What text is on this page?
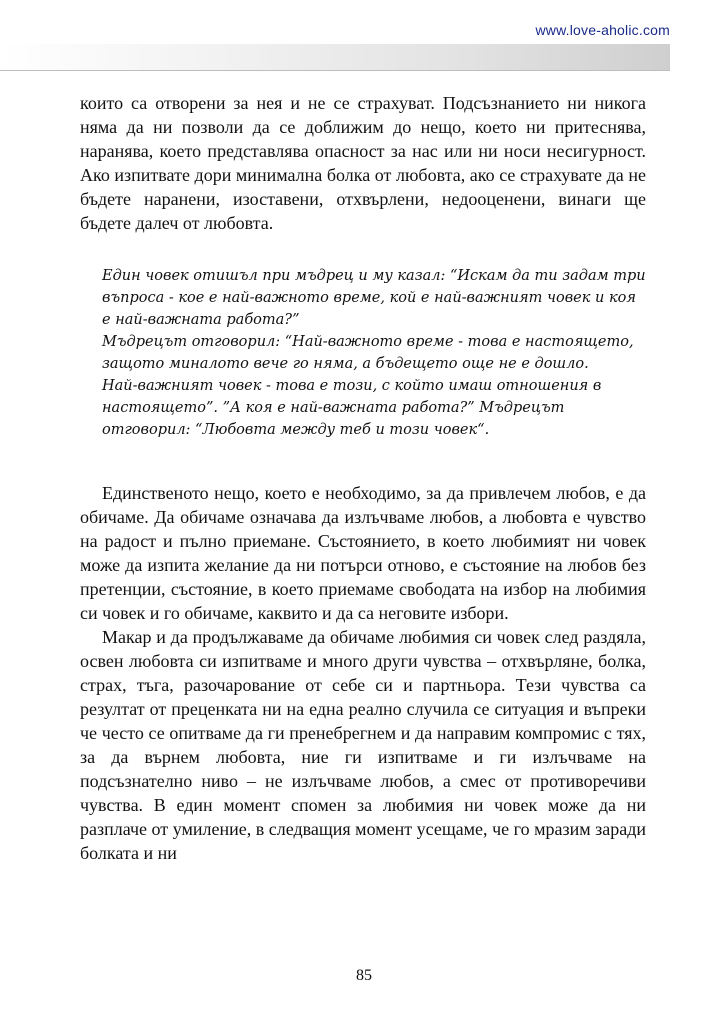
www.love-aholic.com

които са отворени за нея и не се страхуват. Подсъзнанието ни никога няма да ни позволи да се доближим до нещо, което ни притеснява, наранява, което представлява опасност за нас или ни носи несигурност. Ако изпитвате дори минимална болка от любовта, ако се страхувате да не бъдете наранени, изоставени, отхвърлени, недооценени, винаги ще бъдете далеч от любовта.

Един човек отишъл при мъдрец и му казал: “Искам да ти задам три въпроса - кое е най-важното време, кой е най-важният човек и коя е най-важната работа?”

Мъдрецът отговорил: “Най-важното време - това е настоящето, защото миналото вече го няма, а бъдещето още не е дошло.

Най-важният човек - това е този, с който имаш отношения в настоящето”. ”А коя е най-важната работа?” Мъдрецът отговорил: “Любовта между теб и този човек“.

Единственото нещо, което е необходимо, за да привлечем любов, е да обичаме. Да обичаме означава да излъчваме любов, а любовта е чувство на радост и пълно приемане. Състоянието, в което любимият ни човек може да изпита желание да ни потърси отново, е състояние на любов без претенции, състояние, в което приемаме свободата на избор на любимия си човек и го обичаме, каквито и да са неговите избори.

Макар и да продължаваме да обичаме любимия си човек след раздяла, освен любовта си изпитваме и много други чувства – отхвърляне, болка, страх, тъга, разочарование от себе си и партньора. Тези чувства са резултат от преценката ни на една реално случила се ситуация и въпреки че често се опитваме да ги пренебрегнем и да направим компромис с тях, за да върнем любовта, ние ги изпитваме и ги излъчваме на подсъзнателно ниво – не излъчваме любов, а смес от противоречиви чувства. В един момент спомен за любимия ни човек може да ни разплаче от умиление, в следващия момент усещаме, че го мразим заради болката и ни

85
